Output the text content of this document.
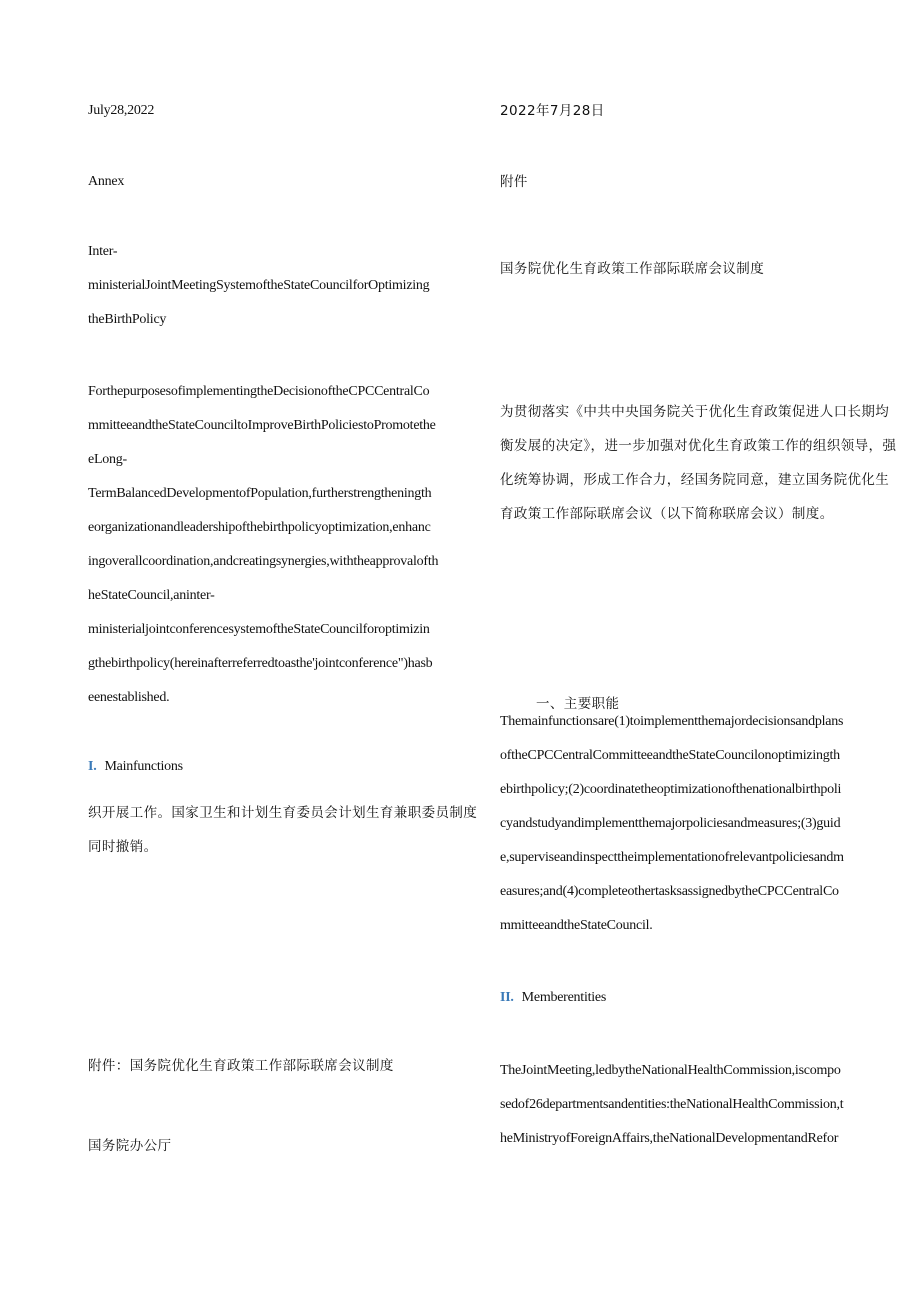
July28,2022

Annex

Inter-
ministerialJointMeetingSystemoftheStateCouncilforOptimizing
theBirthPolicy
ForthepurposesofimplementingtheDecisionoftheCPCCentralCo
mmitteeandtheStateCounciltoImproveBirthPoliciestoPromotethe
eLong-
TermBalancedDevelopmentofPopulation,furtherstrengtheningth
eorganizationandleadershipofthebirthpolicyoptimization,enhanc
ingoverallcoordination,andcreatingsynergies,withtheapprovalofth
heStateCouncil,aninter-
ministerialjointconferencesystemoftheStateCouncilforoptimizin
gthebirthpolicy(hereinafterreferredtoasthe'jointconference")hasb
eenestablished.

I. Mainfunctions

织开展工作。国家卫生和计划生育委员会计划生育兼职委员制度同时撤销。

附件：国务院优化生育政策工作部际联席会议制度

国务院办公厅

2022年7月28日

附件

国务院优化生育政策工作部际联席会议制度

为贯彻落实《中共中央国务院关于优化生育政策促进人口长期均衡发展的决定》，进一步加强对优化生育政策工作的组织领导，强化统筹协调，形成工作合力，经国务院同意，建立国务院优化生育政策工作部际联席会议（以下简称联席会议）制度。

一、主要职能

Themainfunctionsare(1)toimplementthemajordecisionsandplans
oftheCPCCentralCommitteeandtheStateCouncilonoptimizingth
ebirthpolicy;(2)coordinatetheoptimizationofthenationalbirthpoli
cyandstudyandimplementthemajorpoliciesandmeasures;(3)guid
e,superviseandinspecttheimplementationofrelevantpoliciesandm
easures;and(4)completeothertasksassignedbytheCPCCentralCo
mmitteeandtheStateCouncil.

II. Memberentities

TheJointMeeting,ledbytheNationalHealthCommission,iscompo
sedof26departmentsandentities:theNationalHealthCommission,t
heMinistryofForeignAffairs,theNationalDevelopmentandRefor
